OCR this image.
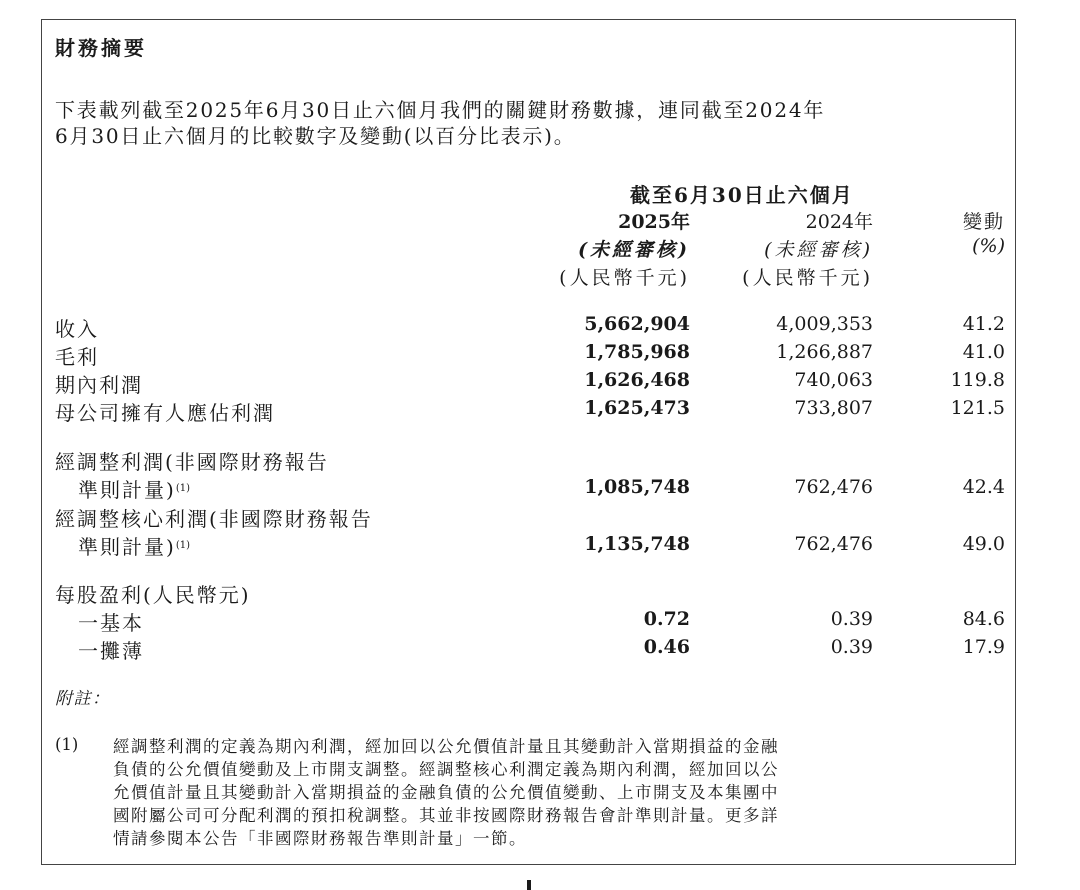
財務摘要
下表載列截至2025年6月30日止六個月我們的關鍵財務數據，連同截至2024年
6月30日止六個月的比較數字及變動(以百分比表示)。
截至6月30日止六個月
2025年
(未經審核)
(人民幣千元)
2024年
(未經審核)
(人民幣千元)
變動
(%)
收入	5,662,904	4,009,353	41.2
毛利	1,785,968	1,266,887	41.0
期內利潤	1,626,468	740,063	119.8
母公司擁有人應佔利潤	1,625,473	733,807	121.5
經調整利潤(非國際財務報告
準則計量)$^{(1)}$	1,085,748	762,476	42.4
經調整核心利潤(非國際財務報告
準則計量)$^{(1)}$	1,135,748	762,476	49.0
每股盈利(人民幣元)
一基本	0.72	0.39	84.6
一攤薄	0.46	0.39	17.9
附註：
(1) 經調整利潤的定義為期內利潤，經加回以公允價值計量且其變動計入當期損益的金融
負債的公允價值變動及上市開支調整。經調整核心利潤定義為期內利潤，經加回以公
允價值計量且其變動計入當期損益的金融負債的公允價值變動、上市開支及本集團中
國附屬公司可分配利潤的預扣稅調整。其並非按國際財務報告會計準則計量。更多詳
情請參閱本公告「非國際財務報告準則計量」一節。
